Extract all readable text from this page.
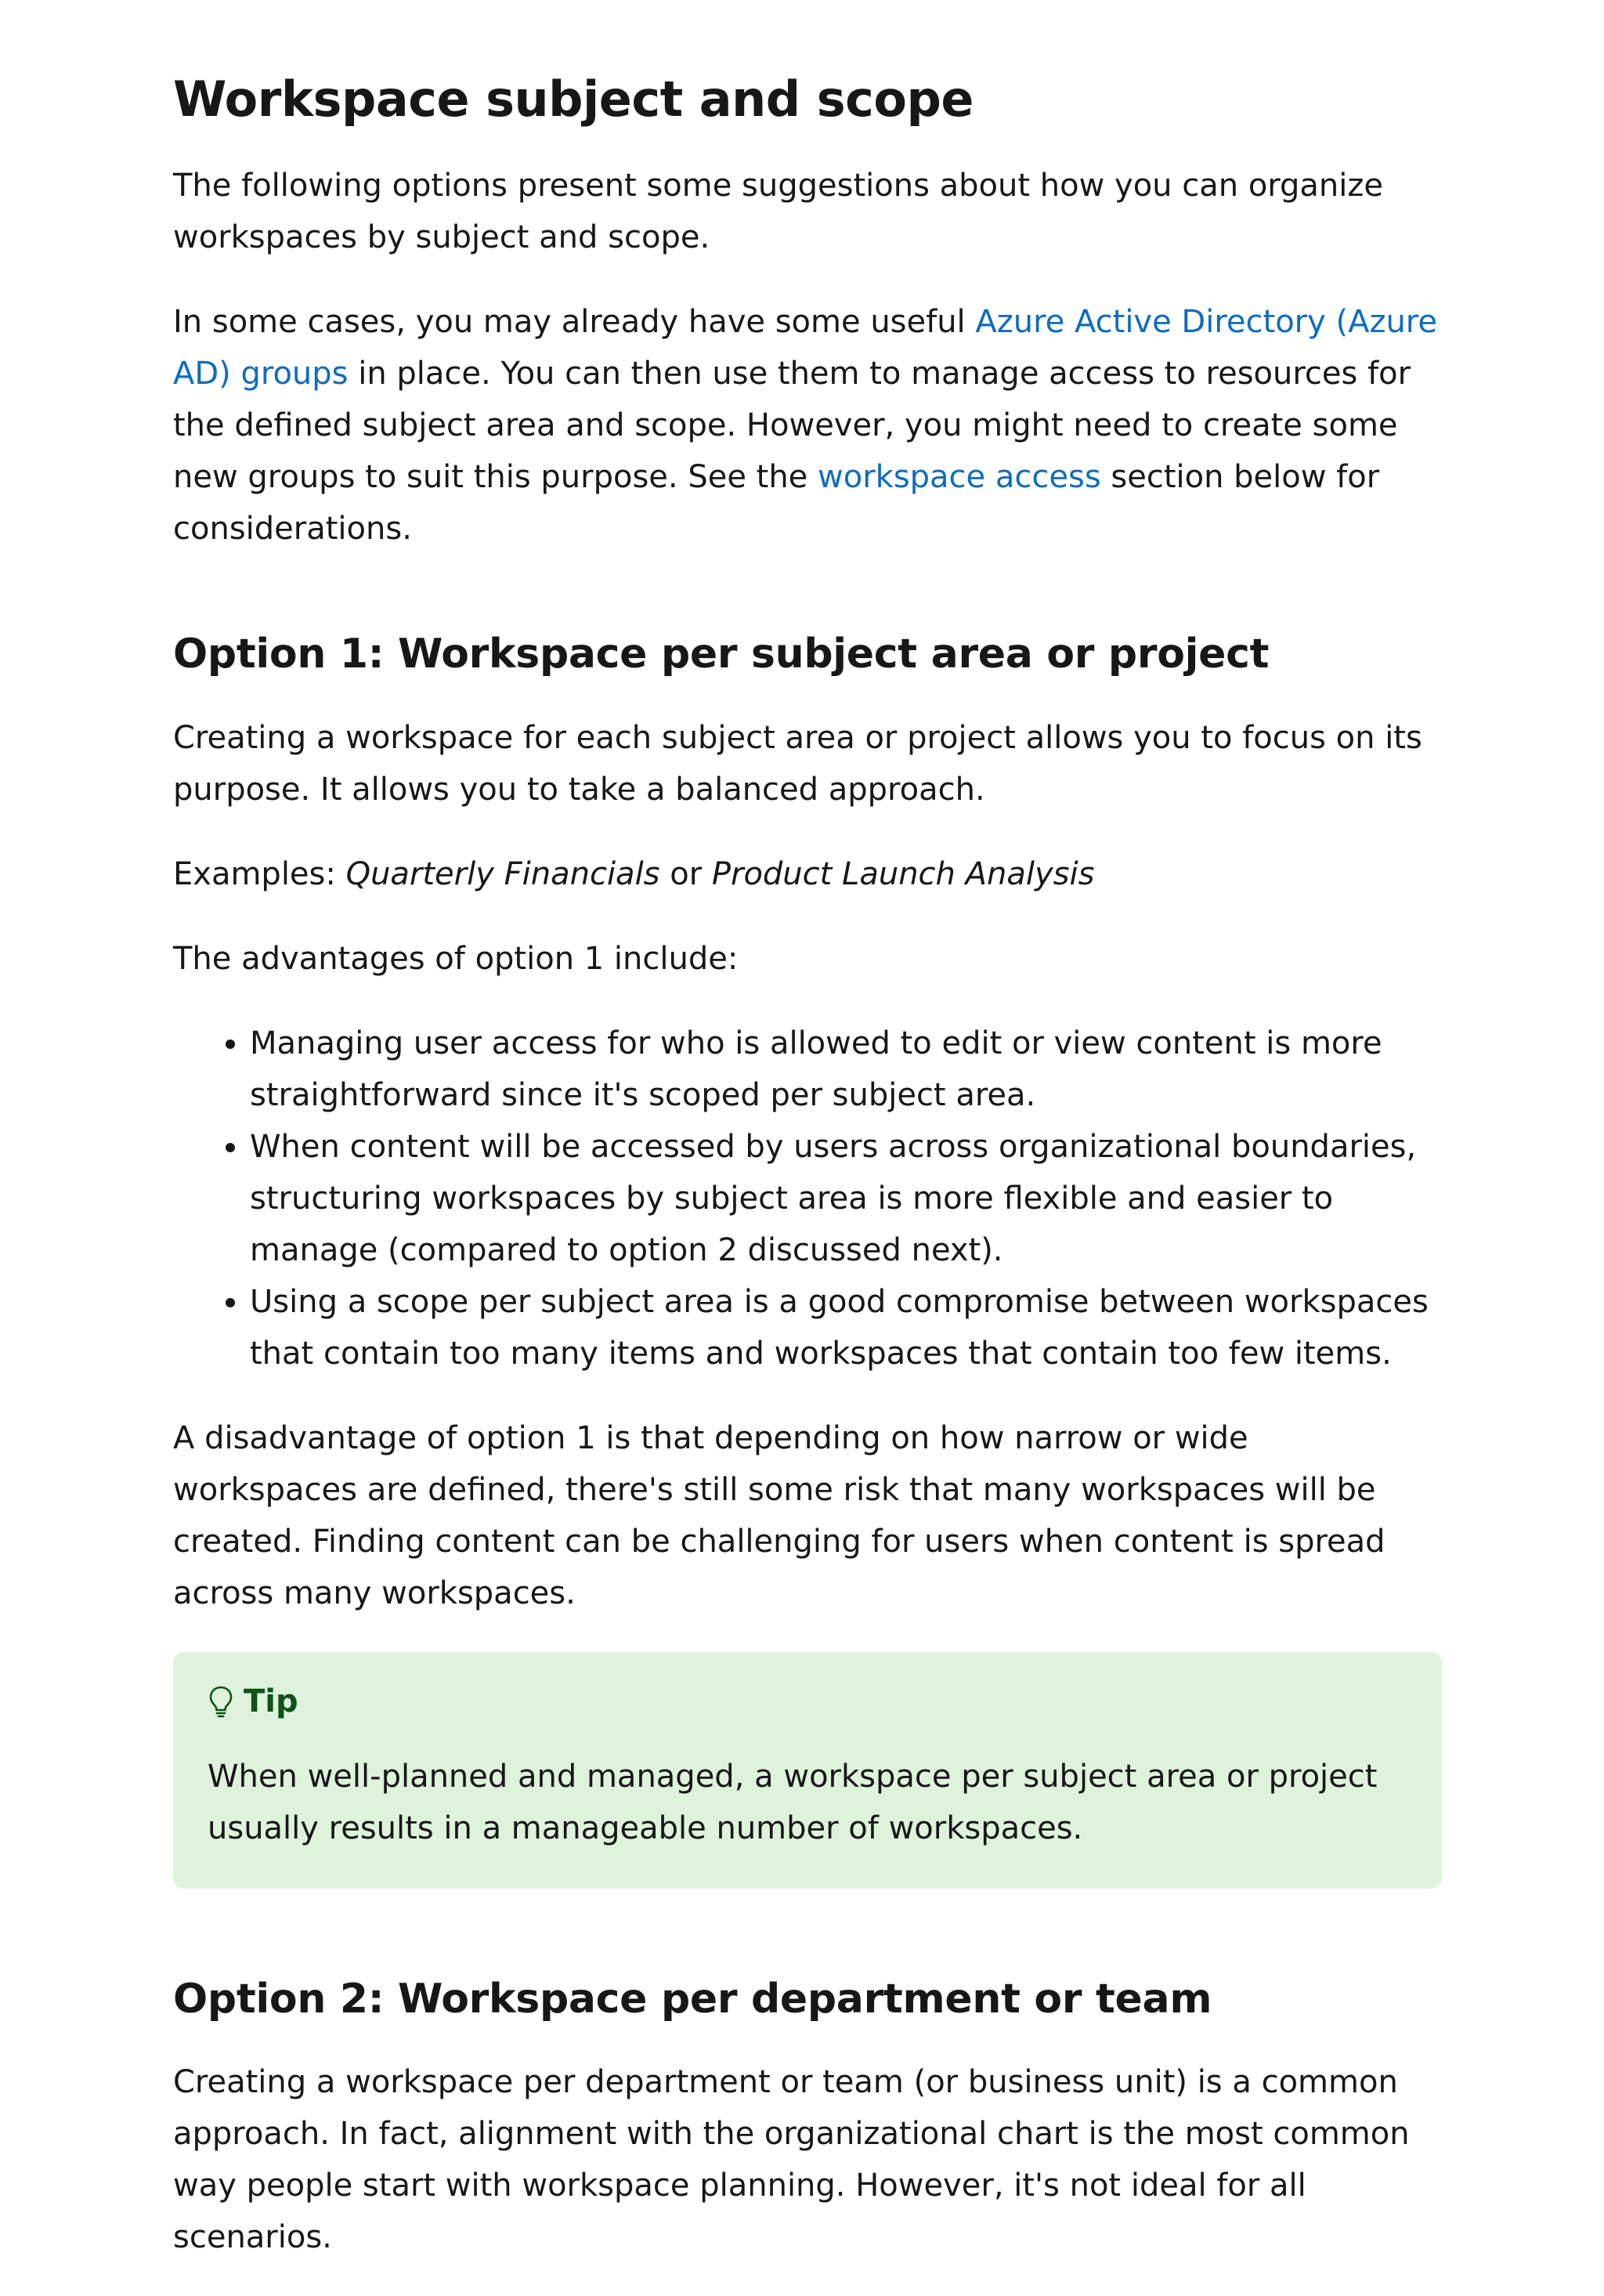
Workspace subject and scope

The following options present some suggestions about how you can organize workspaces by subject and scope.

In some cases, you may already have some useful Azure Active Directory (Azure AD) groups in place. You can then use them to manage access to resources for the defined subject area and scope. However, you might need to create some new groups to suit this purpose. See the workspace access section below for considerations.

Option 1: Workspace per subject area or project

Creating a workspace for each subject area or project allows you to focus on its purpose. It allows you to take a balanced approach.

Examples: Quarterly Financials or Product Launch Analysis

The advantages of option 1 include:

• Managing user access for who is allowed to edit or view content is more straightforward since it's scoped per subject area.
• When content will be accessed by users across organizational boundaries, structuring workspaces by subject area is more flexible and easier to manage (compared to option 2 discussed next).
• Using a scope per subject area is a good compromise between workspaces that contain too many items and workspaces that contain too few items.

A disadvantage of option 1 is that depending on how narrow or wide workspaces are defined, there's still some risk that many workspaces will be created. Finding content can be challenging for users when content is spread across many workspaces.

Tip

When well-planned and managed, a workspace per subject area or project usually results in a manageable number of workspaces.

Option 2: Workspace per department or team

Creating a workspace per department or team (or business unit) is a common approach. In fact, alignment with the organizational chart is the most common way people start with workspace planning. However, it's not ideal for all scenarios.
